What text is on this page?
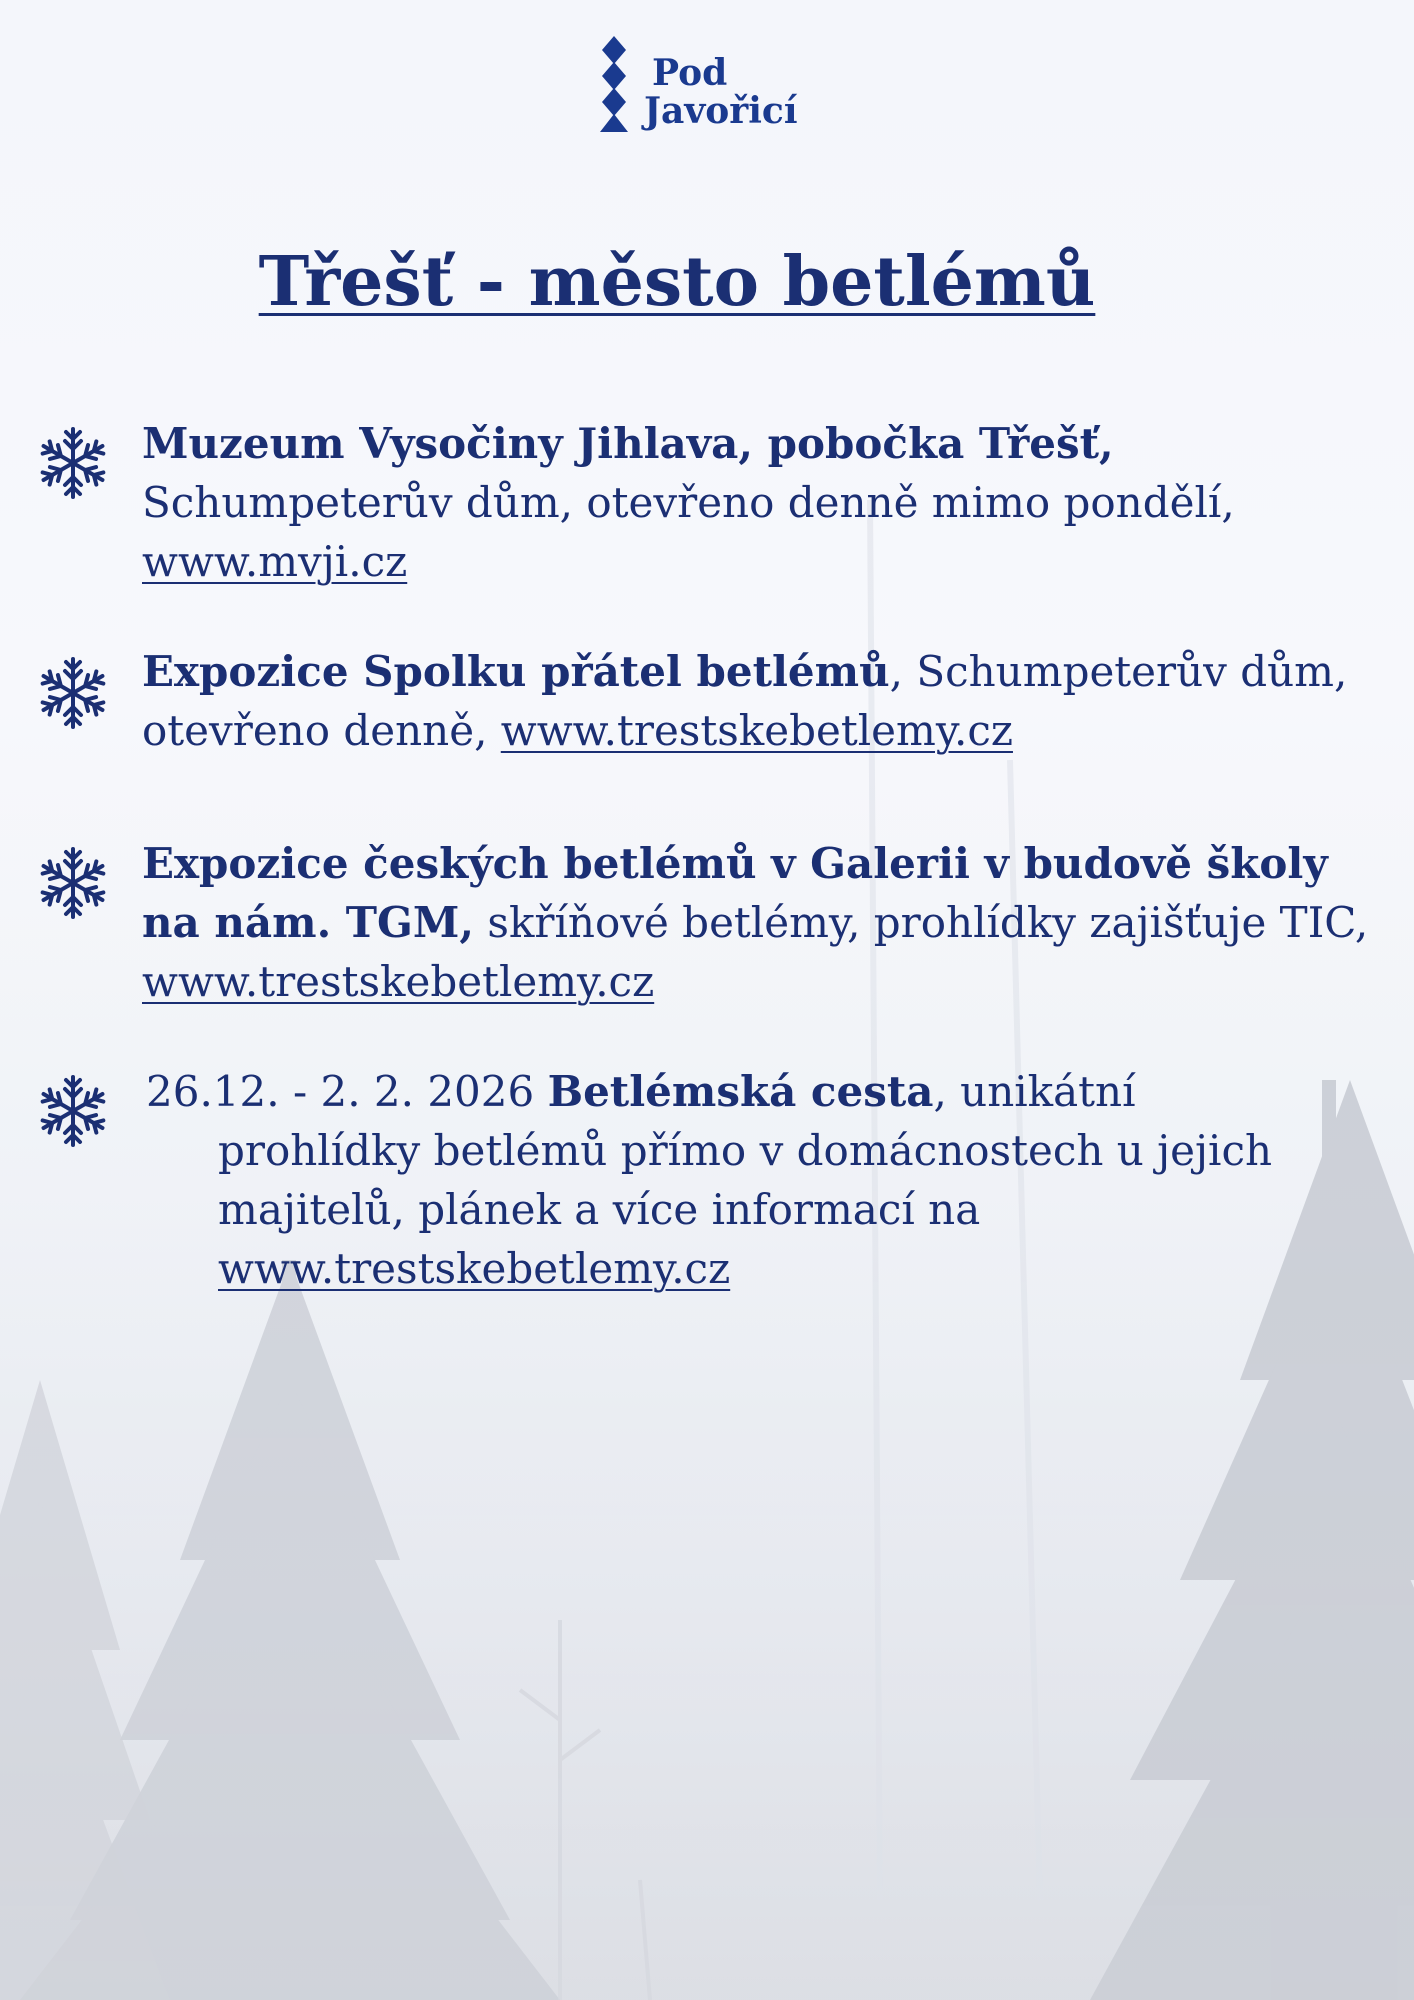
Pod
Javořicí
Třešť - město betlémů
Muzeum Vysočiny Jihlava, pobočka Třešť,
Schumpeterův dům, otevřeno denně mimo pondělí, www.mvji.cz
Expozice Spolku přátel betlémů, Schumpeterův dům, otevřeno denně, www.trestskebetlemy.cz
Expozice českých betlémů v Galerii v budově školy na nám. TGM, skříňové betlémy, prohlídky zajišťuje TIC, www.trestskebetlemy.cz
26.12. - 2. 2. 2026 Betlémská cesta, unikátní
prohlídky betlémů přímo v domácnostech u jejich majitelů, plánek a více informací na
www.trestskebetlemy.cz
